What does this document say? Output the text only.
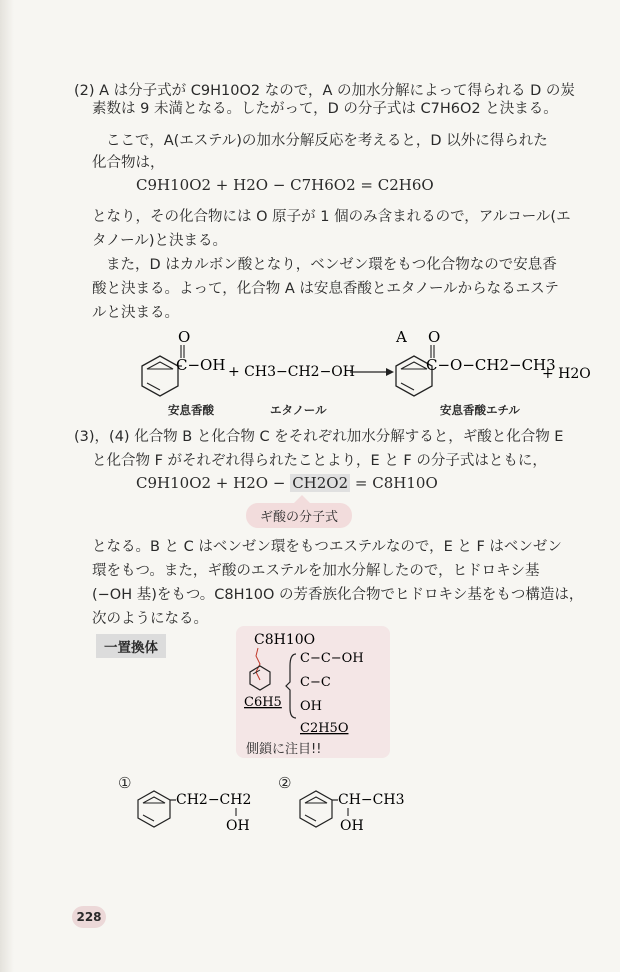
(2) A は分子式が C9H10O2 なので，A の加水分解によって得られる D の炭

素数は 9 未満となる。したがって，D の分子式は C7H6O2 と決まる。

ここで，A(エステル)の加水分解反応を考えると，D 以外に得られた

化合物は，

C9H10O2 + H2O − C7H6O2 = C2H6O

となり，その化合物には O 原子が 1 個のみ含まれるので，アルコール(エ

タノール)と決まる。

また，D はカルボン酸となり，ベンゼン環をもつ化合物なので安息香

酸と決まる。よって，化合物 A は安息香酸とエタノールからなるエステ

ルと決まる。

O
C−OH + CH3−CH2−OH
A O
C−O−CH2−CH3
+ H2O
安息香酸	エタノール	安息香酸エチル

(3)，(4) 化合物 B と化合物 C をそれぞれ加水分解すると，ギ酸と化合物 E

と化合物 F がそれぞれ得られたことより，E と F の分子式はともに，

C9H10O2 + H2O − CH2O2 = C8H10O
ギ酸の分子式

となる。B と C はベンゼン環をもつエステルなので，E と F はベンゼン

環をもつ。また，ギ酸のエステルを加水分解したので，ヒドロキシ基

(−OH 基)をもつ。C8H10O の芳香族化合物でヒドロキシ基をもつ構造は，

次のようになる。

一置換体	C8H10O
C6H5
C−C−OH
C−C
OH
C2H5O
側鎖に注目!!
①	②
CH2−CH2
OH
CH−CH3
OH
228
